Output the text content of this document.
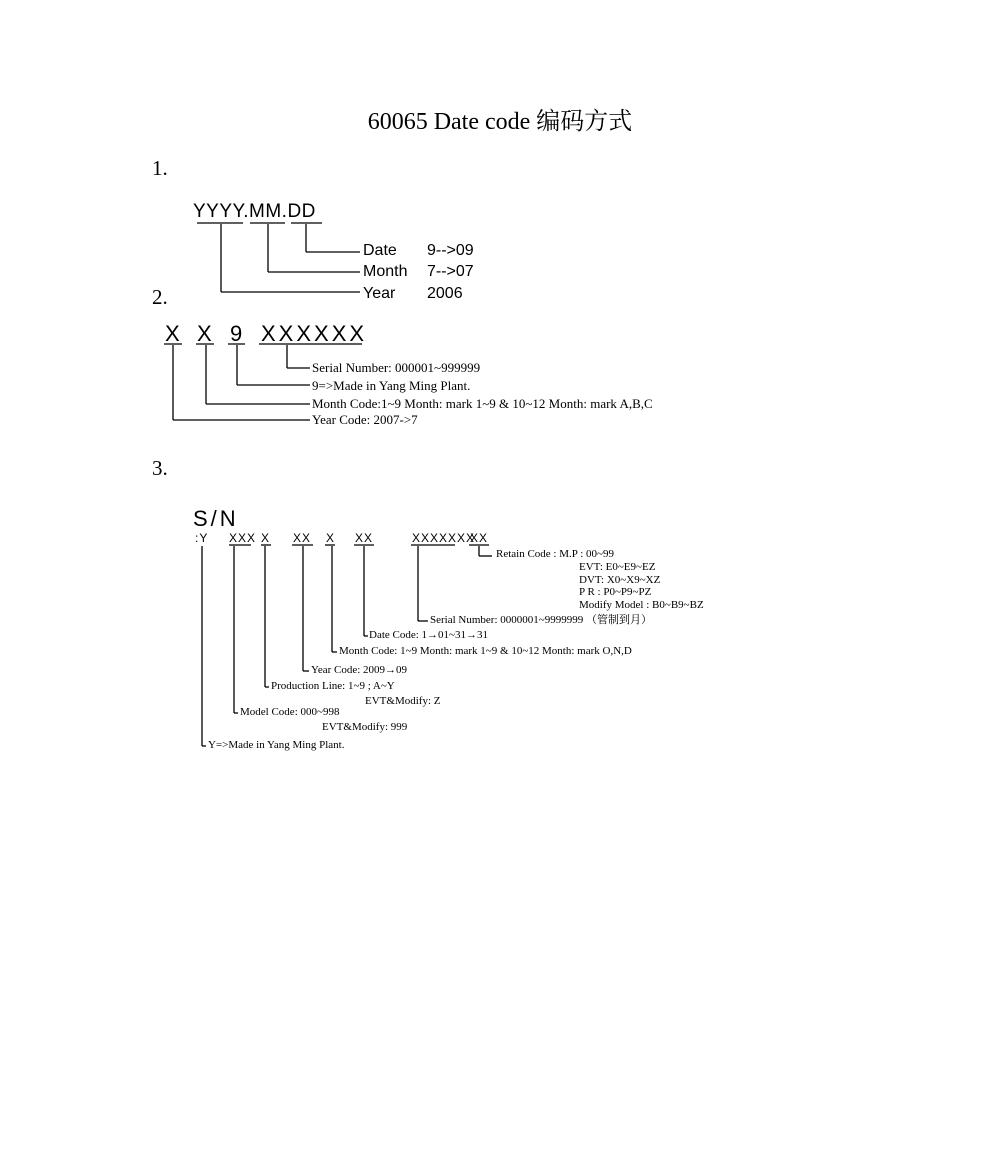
60065 Date code 编码方式
1.
YYYY.MM.DD
Date 9-->09
Month 7-->07
Year 2006
2.
X X 9 XXXXXX
Serial Number: 000001~999999
9=>Made in Yang Ming Plant.
Month Code:1~9 Month: mark 1~9 & 10~12 Month: mark A,B,C
Year Code: 2007->7
3.
S/N
:Y XXX X XX X XX	XXXXXXX
XX
Retain Code : M.P : 00~99
EVT: E0~E9~EZ
DVT: X0~X9~XZ
P R : P0~P9~PZ
Modify Model : B0~B9~BZ
Serial Number: 0000001~9999999 （管制到月）
Date Code: 1→01~31→31
Month Code: 1~9 Month: mark 1~9 & 10~12 Month: mark O,N,D
Year Code: 2009→09
Production Line: 1~9 ; A~Y
EVT&Modify: Z
Model Code: 000~998
EVT&Modify: 999
Y=>Made in Yang Ming Plant.
